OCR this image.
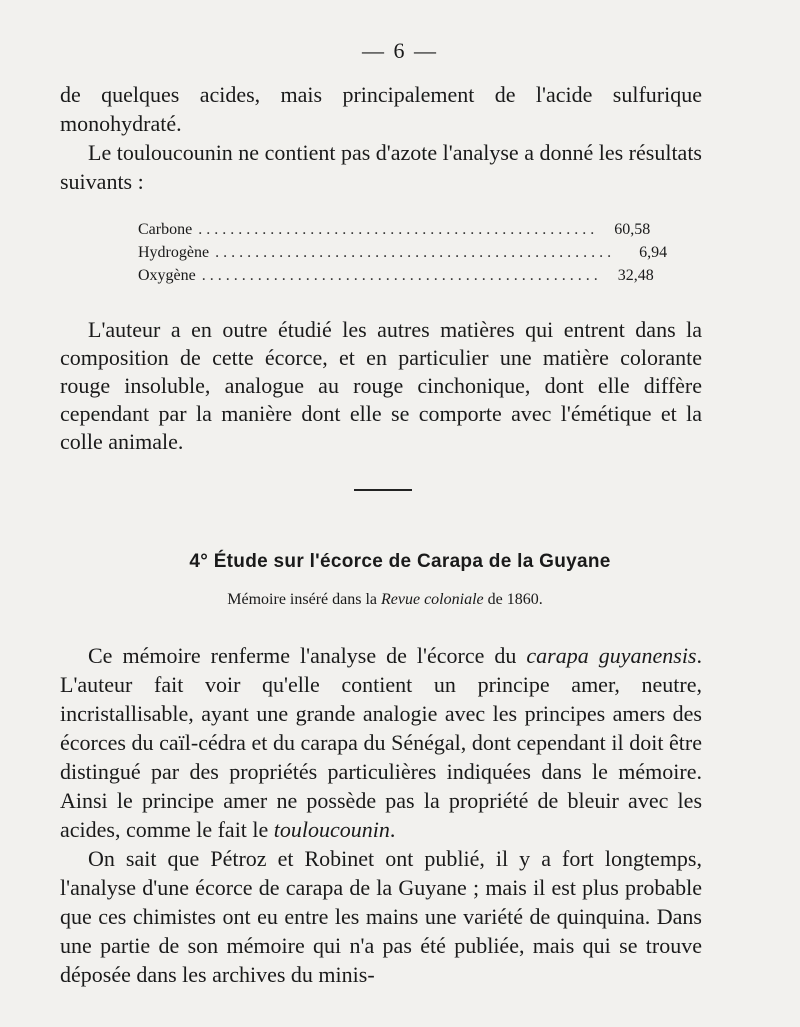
— 6 —

de quelques acides, mais principalement de l'acide sulfurique monohydraté.

Le touloucounin ne contient pas d'azote l'analyse a donné les résultats suivants :

Carbone ..................................................	60,58
Hydrogène ..................................................	6,94
Oxygène ..................................................	32,48

L'auteur a en outre étudié les autres matières qui entrent dans la composition de cette écorce, et en particulier une matière colorante rouge insoluble, analogue au rouge cinchonique, dont elle diffère cependant par la manière dont elle se comporte avec l'émétique et la colle animale.

4° Étude sur l'écorce de Carapa de la Guyane
Mémoire inséré dans la Revue coloniale de 1860.

Ce mémoire renferme l'analyse de l'écorce du carapa guyanensis. L'auteur fait voir qu'elle contient un principe amer, neutre, incristallisable, ayant une grande analogie avec les principes amers des écorces du caïl-cédra et du carapa du Sénégal, dont cependant il doit être distingué par des propriétés particulières indiquées dans le mémoire. Ainsi le principe amer ne possède pas la propriété de bleuir avec les acides, comme le fait le touloucounin.

On sait que Pétroz et Robinet ont publié, il y a fort longtemps, l'analyse d'une écorce de carapa de la Guyane ; mais il est plus probable que ces chimistes ont eu entre les mains une variété de quinquina. Dans une partie de son mémoire qui n'a pas été publiée, mais qui se trouve déposée dans les archives du minis-
